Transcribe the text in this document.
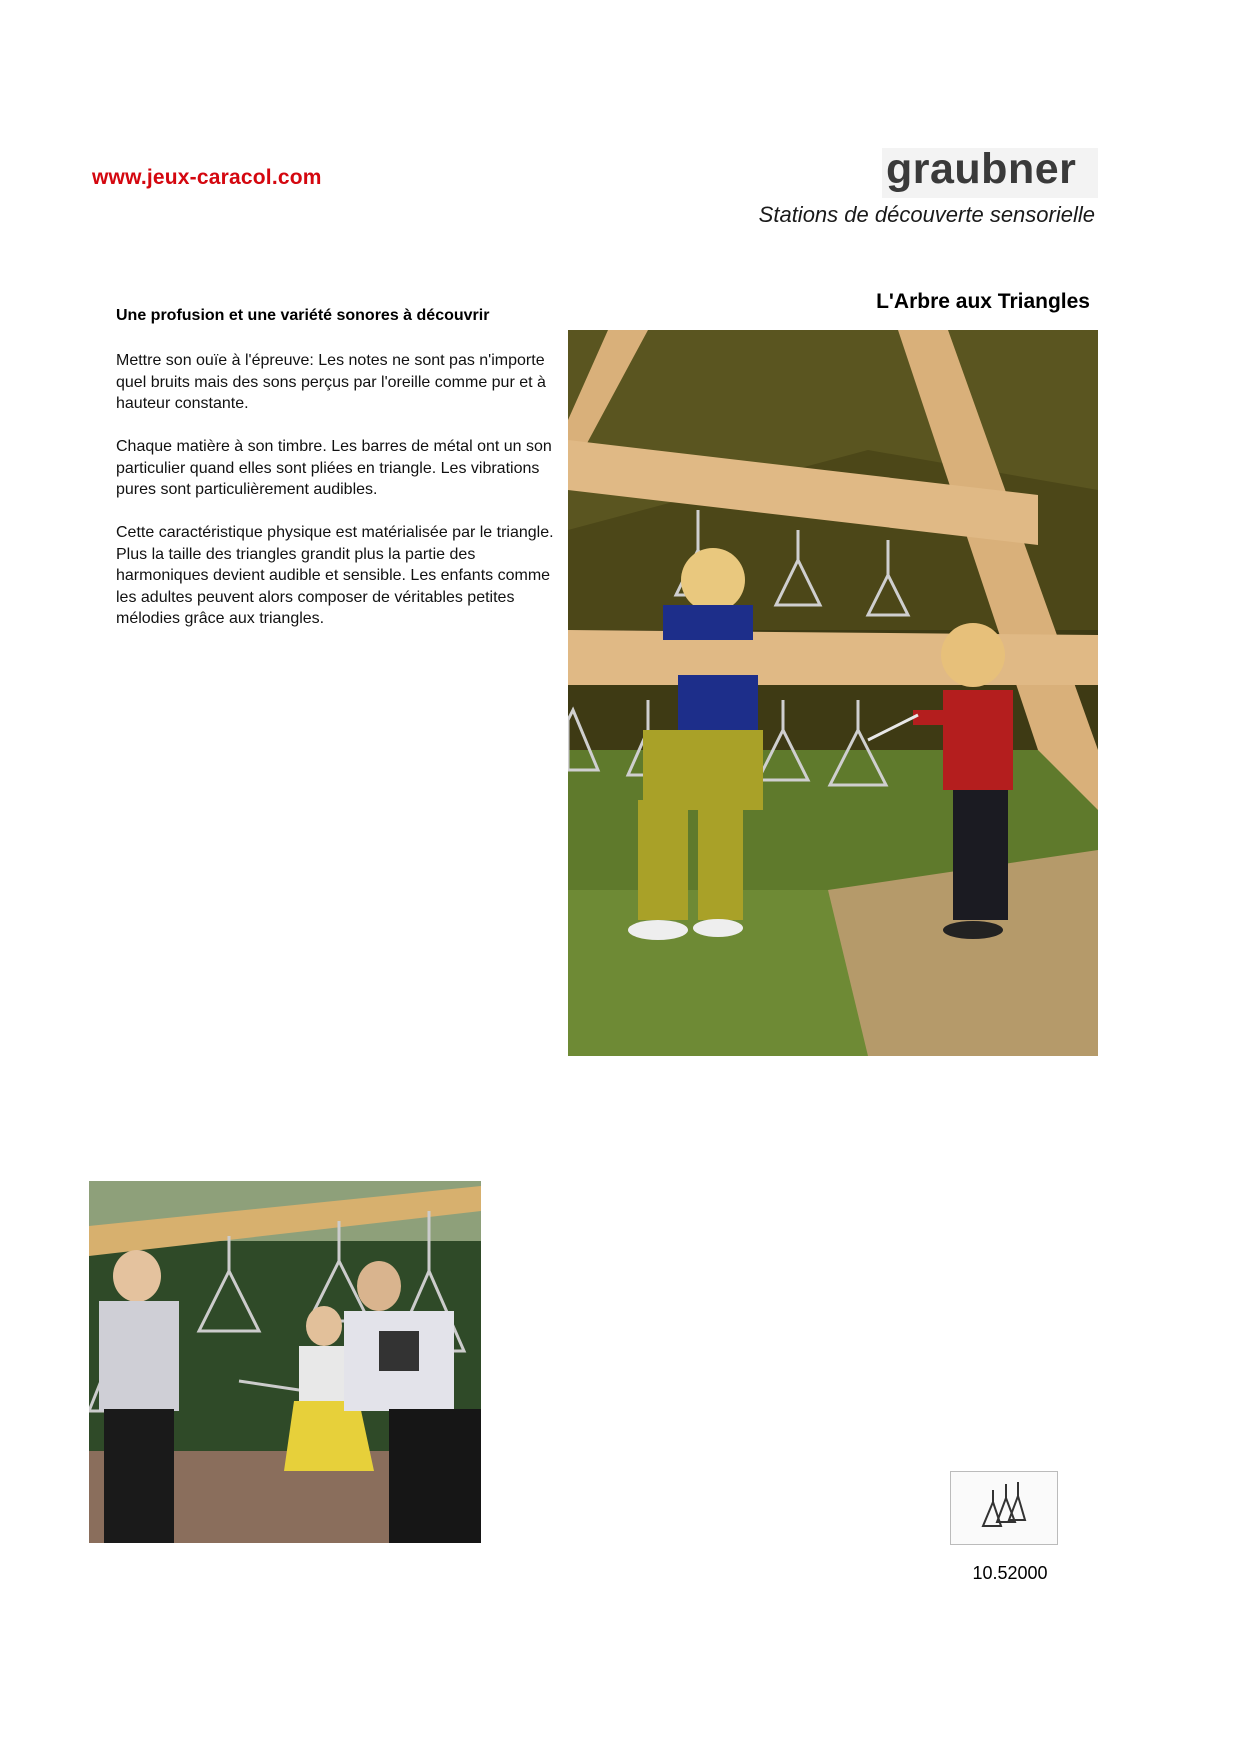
www.jeux-caracol.com	graubner
Stations de découverte sensorielle
L'Arbre aux Triangles
Une profusion et une variété sonores à découvrir
Mettre son ouïe à l'épreuve: Les notes ne sont pas n'importe quel bruits mais des sons perçus par l'oreille comme pur et à hauteur constante.
Chaque matière à son timbre. Les barres de métal ont un son particulier quand elles sont pliées en triangle. Les vibrations pures sont particulièrement audibles.
Cette caractéristique physique est matérialisée par le triangle. Plus la taille des triangles grandit plus la partie des harmoniques devient audible et sensible. Les enfants comme les adultes peuvent alors composer de véritables petites mélodies grâce aux triangles.
10.52000
